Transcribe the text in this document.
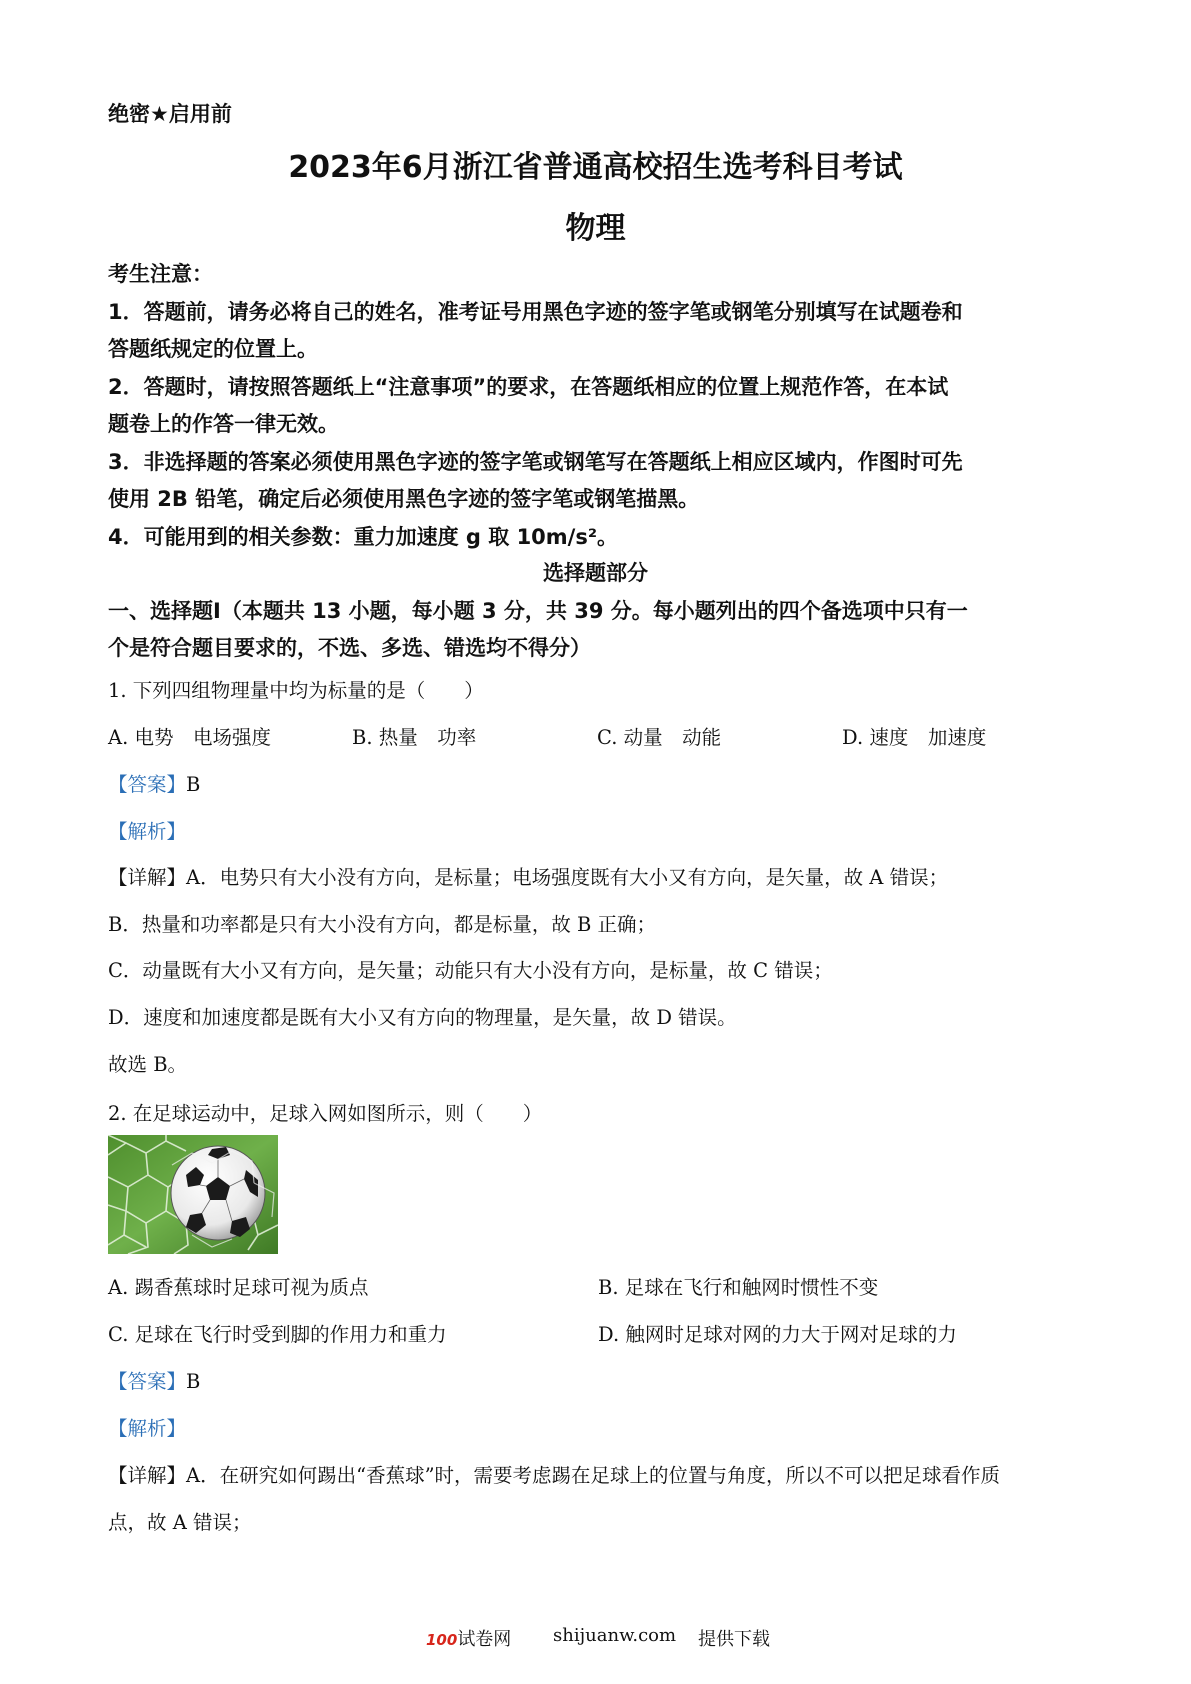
绝密★启用前
2023年6月浙江省普通高校招生选考科目考试
物理
考生注意：
1．答题前，请务必将自己的姓名，准考证号用黑色字迹的签字笔或钢笔分别填写在试题卷和
答题纸规定的位置上。
2．答题时，请按照答题纸上“注意事项”的要求，在答题纸相应的位置上规范作答，在本试
题卷上的作答一律无效。
3．非选择题的答案必须使用黑色字迹的签字笔或钢笔写在答题纸上相应区域内，作图时可先
使用 2B 铅笔，确定后必须使用黑色字迹的签字笔或钢笔描黑。
4．可能用到的相关参数：重力加速度 g 取 10m/s²。
选择题部分
一、选择题Ⅰ（本题共 13 小题，每小题 3 分，共 39 分。每小题列出的四个备选项中只有一
个是符合题目要求的，不选、多选、错选均不得分）
1. 下列四组物理量中均为标量的是（　　）
A. 电势　电场强度	B. 热量　功率	C. 动量　动能	D. 速度　加速度
【答案】B
【解析】
【详解】A．电势只有大小没有方向，是标量；电场强度既有大小又有方向，是矢量，故 A 错误；
B．热量和功率都是只有大小没有方向，都是标量，故 B 正确；
C．动量既有大小又有方向，是矢量；动能只有大小没有方向，是标量，故 C 错误；
D．速度和加速度都是既有大小又有方向的物理量，是矢量，故 D 错误。
故选 B。
2. 在足球运动中，足球入网如图所示，则（　　）
A. 踢香蕉球时足球可视为质点	B. 足球在飞行和触网时惯性不变
C. 足球在飞行时受到脚的作用力和重力	D. 触网时足球对网的力大于网对足球的力
【答案】B
【解析】
【详解】A．在研究如何踢出“香蕉球”时，需要考虑踢在足球上的位置与角度，所以不可以把足球看作质
点，故 A 错误；
100试卷网 shijuanw.com 提供下载
